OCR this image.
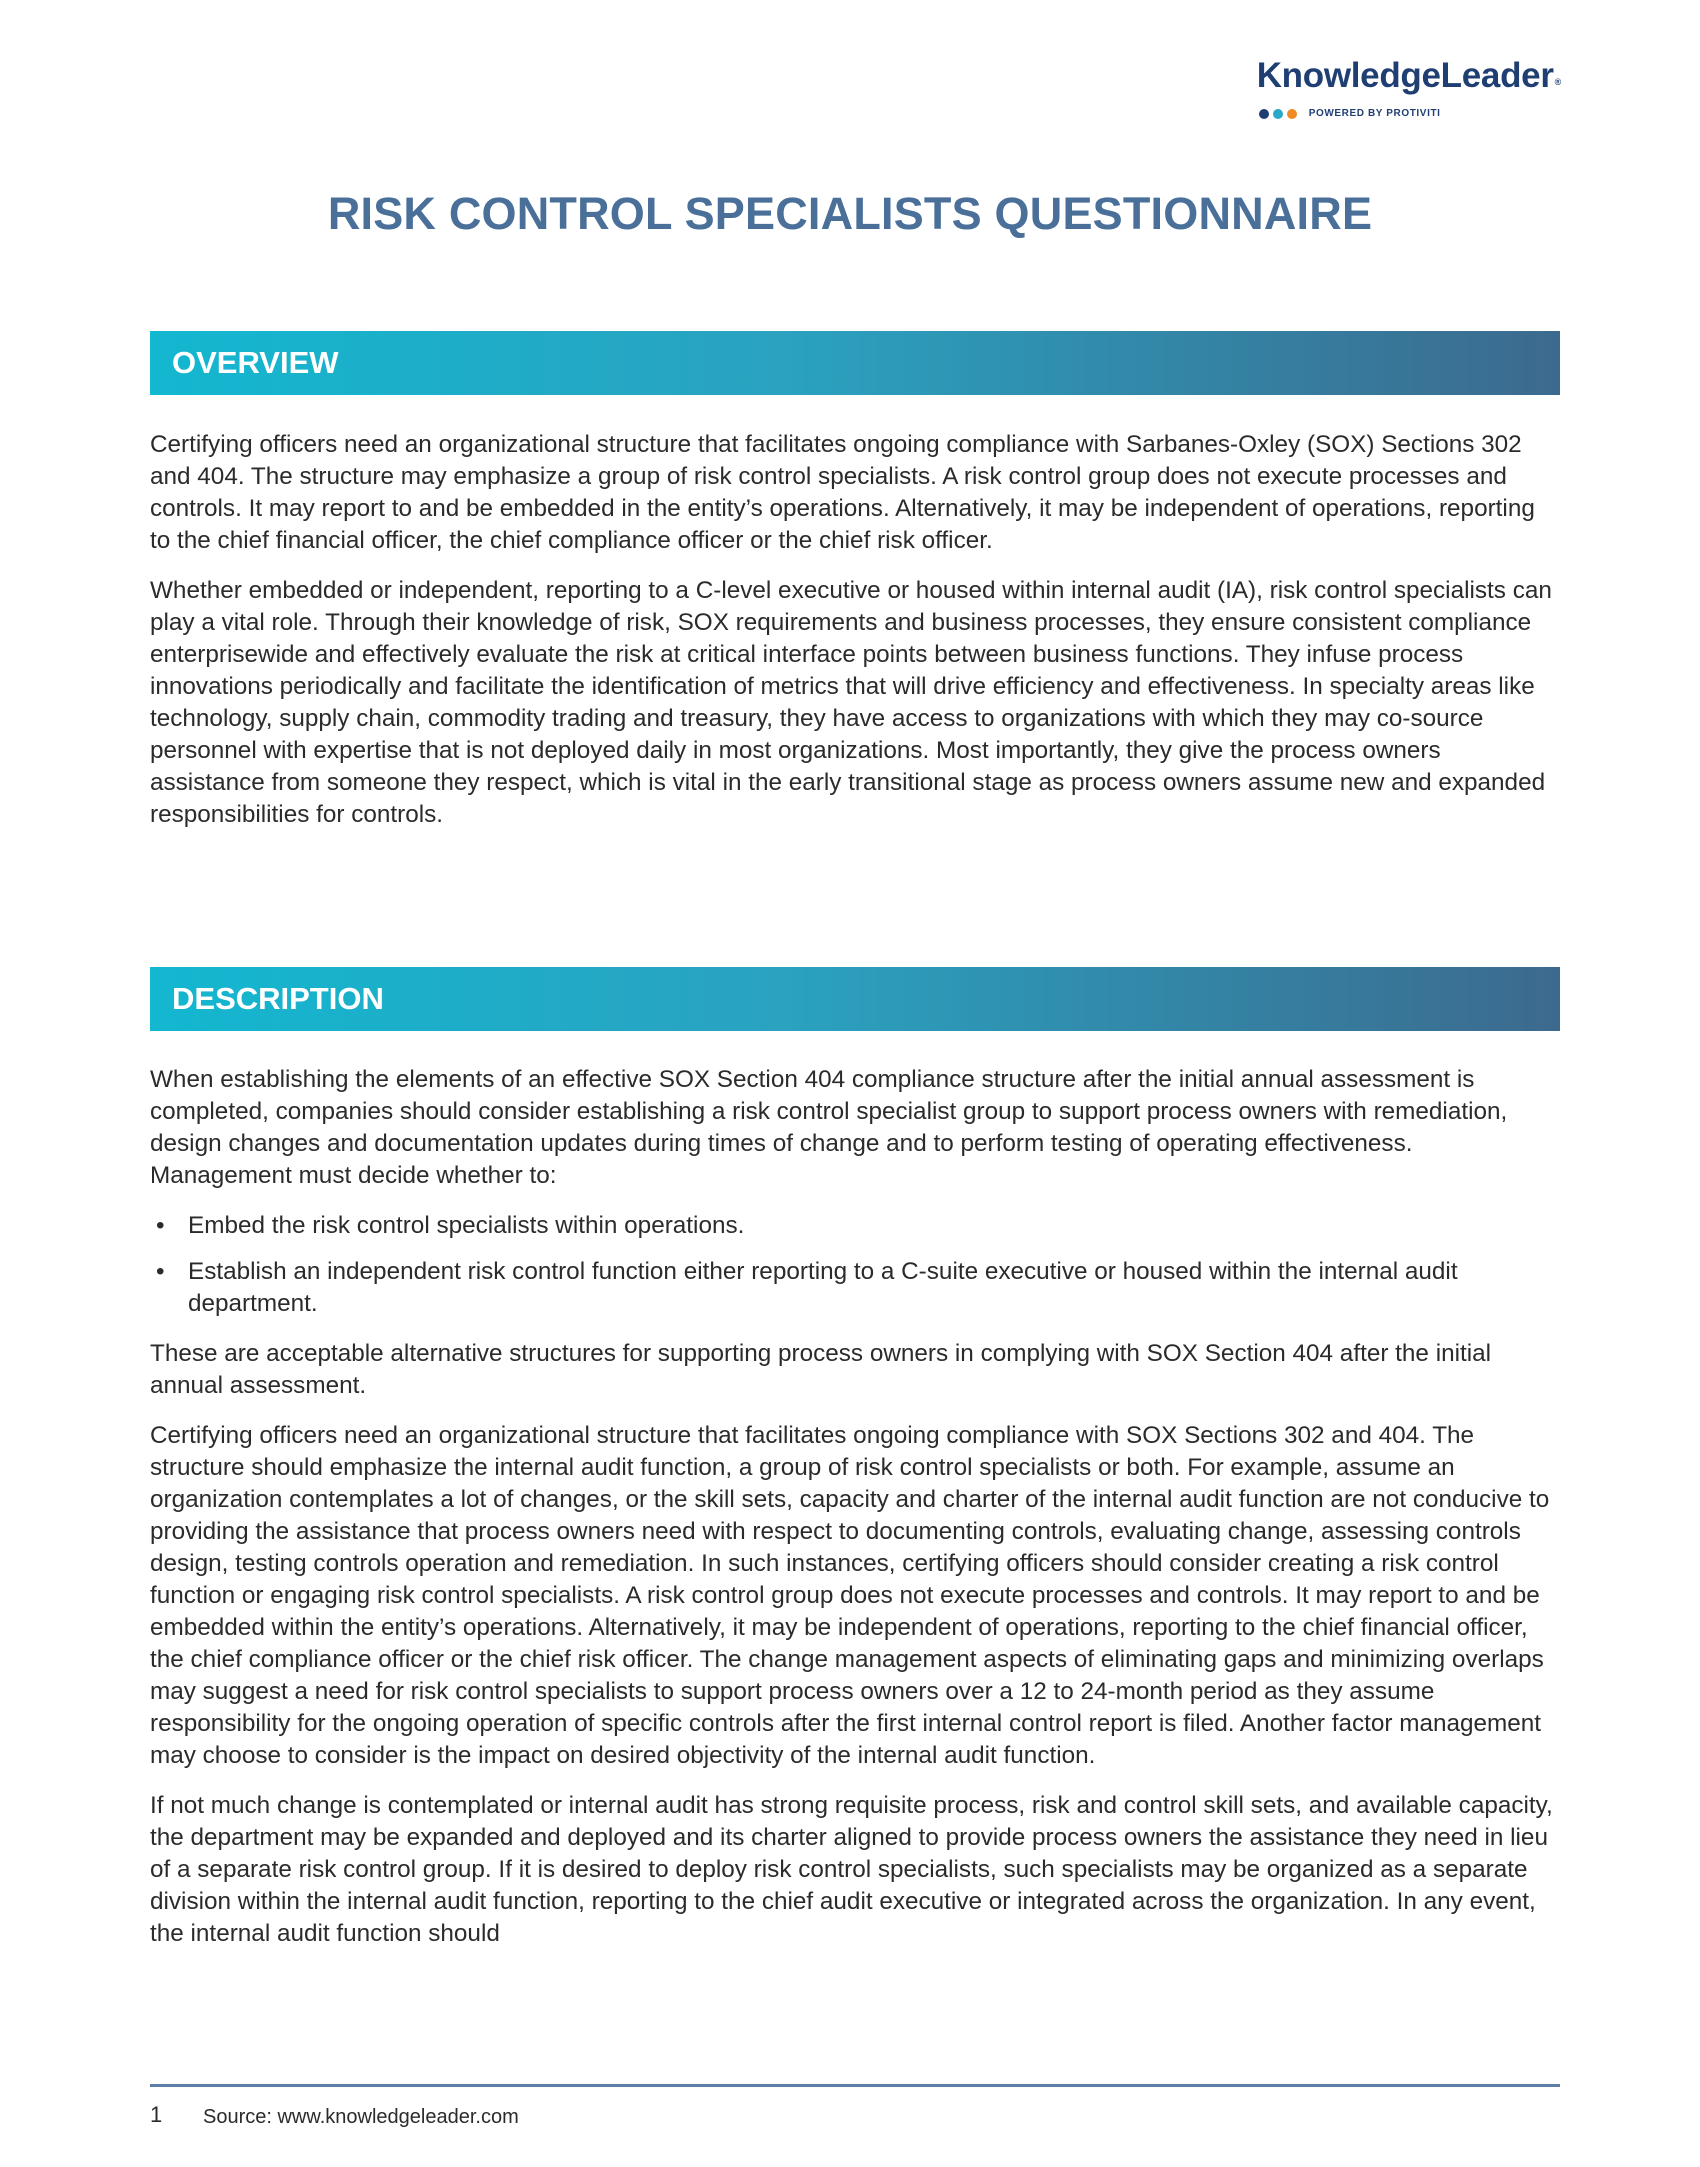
KnowledgeLeader®
POWERED BY PROTIVITI
RISK CONTROL SPECIALISTS QUESTIONNAIRE
OVERVIEW

Certifying officers need an organizational structure that facilitates ongoing compliance with Sarbanes-Oxley (SOX) Sections 302 and 404. The structure may emphasize a group of risk control specialists. A risk control group does not execute processes and controls. It may report to and be embedded in the entity’s operations. Alternatively, it may be independent of operations, reporting to the chief financial officer, the chief compliance officer or the chief risk officer.

Whether embedded or independent, reporting to a C-level executive or housed within internal audit (IA), risk control specialists can play a vital role. Through their knowledge of risk, SOX requirements and business processes, they ensure consistent compliance enterprisewide and effectively evaluate the risk at critical interface points between business functions. They infuse process innovations periodically and facilitate the identification of metrics that will drive efficiency and effectiveness. In specialty areas like technology, supply chain, commodity trading and treasury, they have access to organizations with which they may co-source personnel with expertise that is not deployed daily in most organizations. Most importantly, they give the process owners assistance from someone they respect, which is vital in the early transitional stage as process owners assume new and expanded responsibilities for controls.

DESCRIPTION

When establishing the elements of an effective SOX Section 404 compliance structure after the initial annual assessment is completed, companies should consider establishing a risk control specialist group to support process owners with remediation, design changes and documentation updates during times of change and to perform testing of operating effectiveness. Management must decide whether to:

• Embed the risk control specialists within operations.
• Establish an independent risk control function either reporting to a C-suite executive or housed within the internal audit department.

These are acceptable alternative structures for supporting process owners in complying with SOX Section 404 after the initial annual assessment.

Certifying officers need an organizational structure that facilitates ongoing compliance with SOX Sections 302 and 404. The structure should emphasize the internal audit function, a group of risk control specialists or both. For example, assume an organization contemplates a lot of changes, or the skill sets, capacity and charter of the internal audit function are not conducive to providing the assistance that process owners need with respect to documenting controls, evaluating change, assessing controls design, testing controls operation and remediation. In such instances, certifying officers should consider creating a risk control function or engaging risk control specialists. A risk control group does not execute processes and controls. It may report to and be embedded within the entity’s operations. Alternatively, it may be independent of operations, reporting to the chief financial officer, the chief compliance officer or the chief risk officer. The change management aspects of eliminating gaps and minimizing overlaps may suggest a need for risk control specialists to support process owners over a 12 to 24-month period as they assume responsibility for the ongoing operation of specific controls after the first internal control report is filed. Another factor management may choose to consider is the impact on desired objectivity of the internal audit function.

If not much change is contemplated or internal audit has strong requisite process, risk and control skill sets, and available capacity, the department may be expanded and deployed and its charter aligned to provide process owners the assistance they need in lieu of a separate risk control group. If it is desired to deploy risk control specialists, such specialists may be organized as a separate division within the internal audit function, reporting to the chief audit executive or integrated across the organization. In any event, the internal audit function should

1 Source: www.knowledgeleader.com
